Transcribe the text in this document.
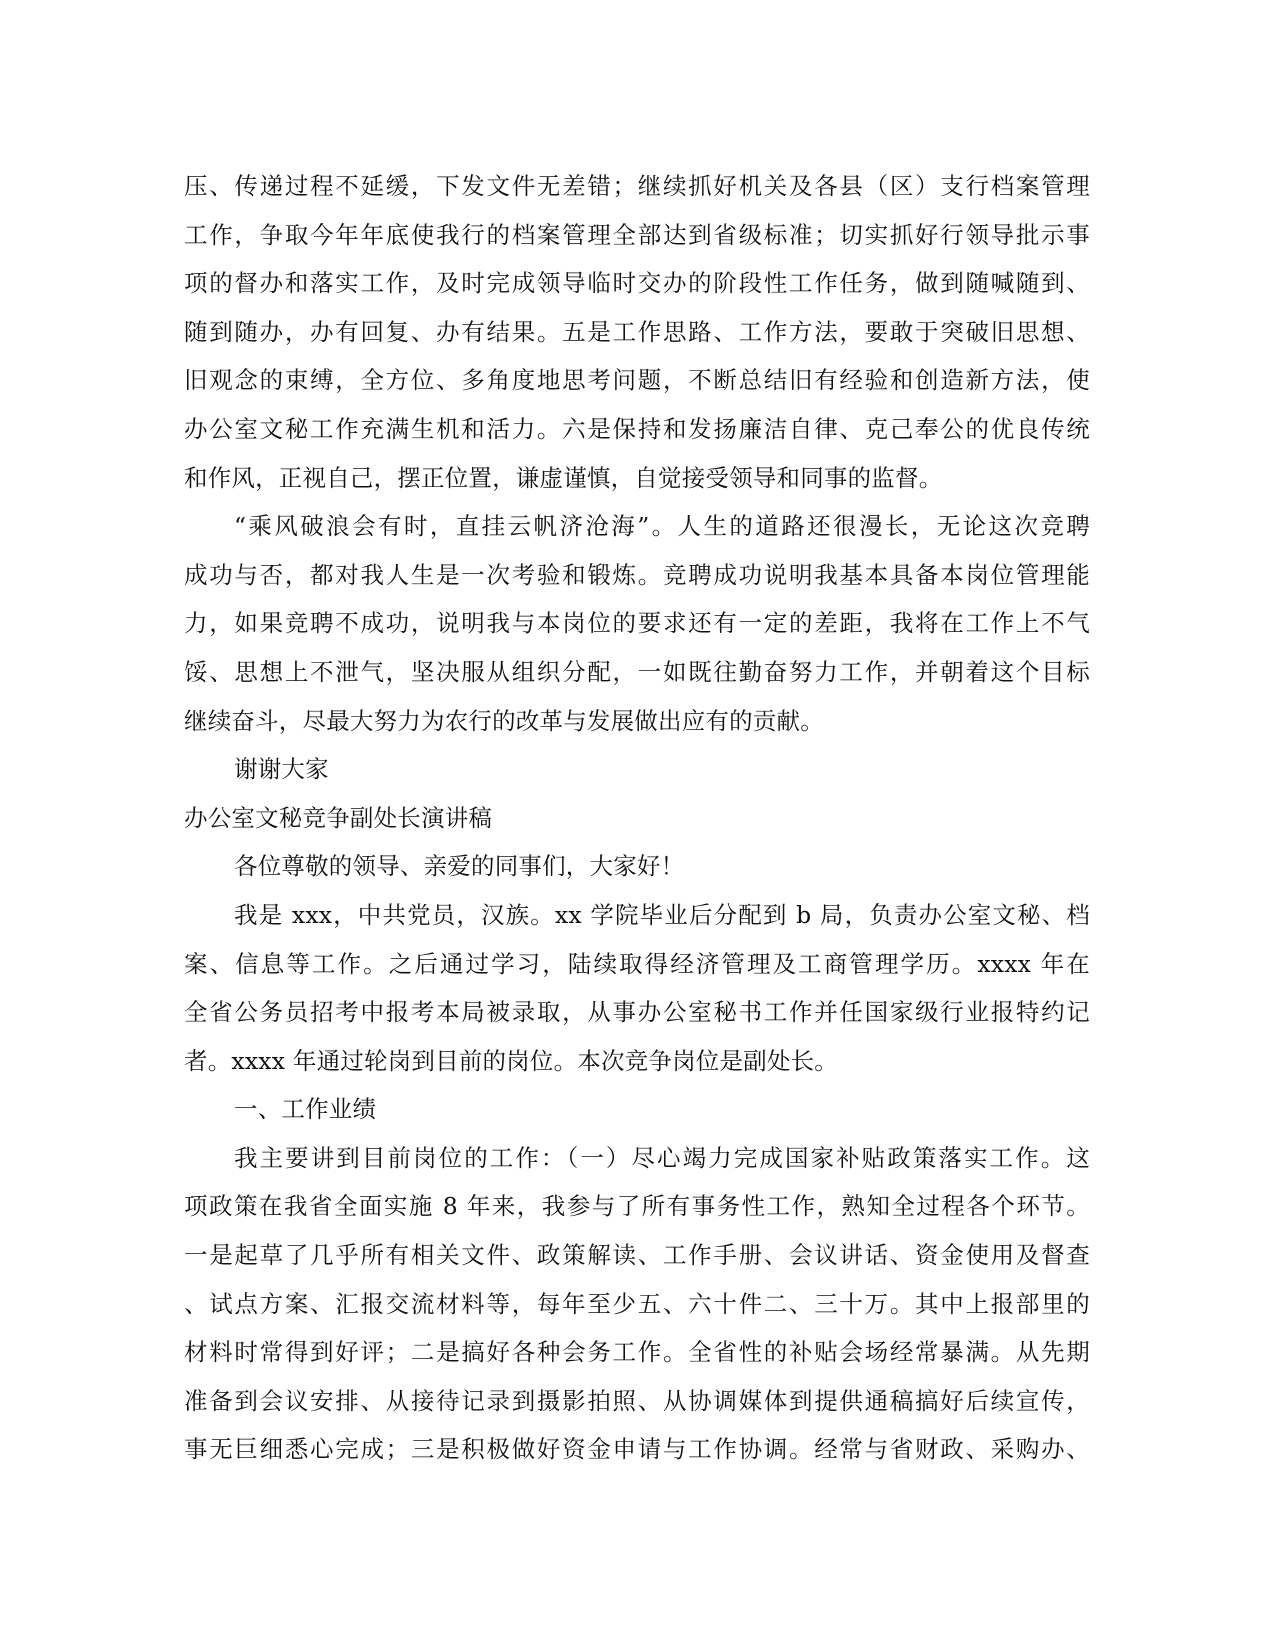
压、传递过程不延缓，下发文件无差错；继续抓好机关及各县（区）支行档案管理
工作，争取今年年底使我行的档案管理全部达到省级标准；切实抓好行领导批示事
项的督办和落实工作，及时完成领导临时交办的阶段性工作任务，做到随喊随到、
随到随办，办有回复、办有结果。五是工作思路、工作方法，要敢于突破旧思想、
旧观念的束缚，全方位、多角度地思考问题，不断总结旧有经验和创造新方法，使
办公室文秘工作充满生机和活力。六是保持和发扬廉洁自律、克己奉公的优良传统
和作风，正视自己，摆正位置，谦虚谨慎，自觉接受领导和同事的监督。
“乘风破浪会有时，直挂云帆济沧海”。人生的道路还很漫长，无论这次竞聘
成功与否，都对我人生是一次考验和锻炼。竞聘成功说明我基本具备本岗位管理能
力，如果竞聘不成功，说明我与本岗位的要求还有一定的差距，我将在工作上不气
馁、思想上不泄气，坚决服从组织分配，一如既往勤奋努力工作，并朝着这个目标
继续奋斗，尽最大努力为农行的改革与发展做出应有的贡献。
谢谢大家
办公室文秘竞争副处长演讲稿
各位尊敬的领导、亲爱的同事们，大家好！
我是 xxx，中共党员，汉族。xx 学院毕业后分配到 b 局，负责办公室文秘、档
案、信息等工作。之后通过学习，陆续取得经济管理及工商管理学历。xxxx 年在
全省公务员招考中报考本局被录取，从事办公室秘书工作并任国家级行业报特约记
者。xxxx 年通过轮岗到目前的岗位。本次竞争岗位是副处长。
一、工作业绩
我主要讲到目前岗位的工作：（一）尽心竭力完成国家补贴政策落实工作。这
项政策在我省全面实施 8 年来，我参与了所有事务性工作，熟知全过程各个环节。
一是起草了几乎所有相关文件、政策解读、工作手册、会议讲话、资金使用及督查
、试点方案、汇报交流材料等，每年至少五、六十件二、三十万。其中上报部里的
材料时常得到好评；二是搞好各种会务工作。全省性的补贴会场经常暴满。从先期
准备到会议安排、从接待记录到摄影拍照、从协调媒体到提供通稿搞好后续宣传，
事无巨细悉心完成；三是积极做好资金申请与工作协调。经常与省财政、采购办、
